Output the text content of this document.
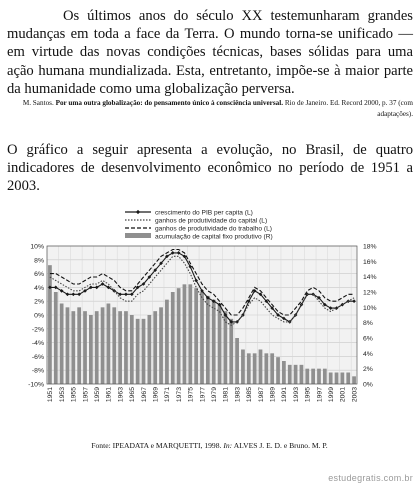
Os últimos anos do século XX testemunharam grandes mudanças em toda a face da Terra. O mundo torna-se unificado — em virtude das novas condições técnicas, bases sólidas para uma ação humana mundializada. Esta, entretanto, impõe-se à maior parte da humanidade como uma globalização perversa.

M. Santos. Por uma outra globalização: do pensamento único à consciência universal. Rio de Janeiro. Ed. Record 2000, p. 37 (com adaptações).

O gráfico a seguir apresenta a evolução, no Brasil, de quatro indicadores de desenvolvimento econômico no período de 1951 a 2003.

10%
8%
6%
4%
2%
0%
-2%
-4%
-6%
-8%
-10%
18%
16%
14%
12%
10%
8%
6%
4%
2%
0%
1951 1953 1955 1957 1959 1961 1963 1965 1967 1969 1971 1973 1975 1977 1979 1981 1983 1985 1987 1989 1991 1993 1995 1997 1999 2001 2003
crescimento do PIB per capita (L)
ganhos de produtividade do capital (L)
ganhos de produtividade do trabalho (L)
acumulação de capital fixo produtivo (R)
Fonte: IPEADATA e MARQUETTI, 1998. In: ALVES J. E. D. e Bruno. M. P.
estudegratis.com.br
